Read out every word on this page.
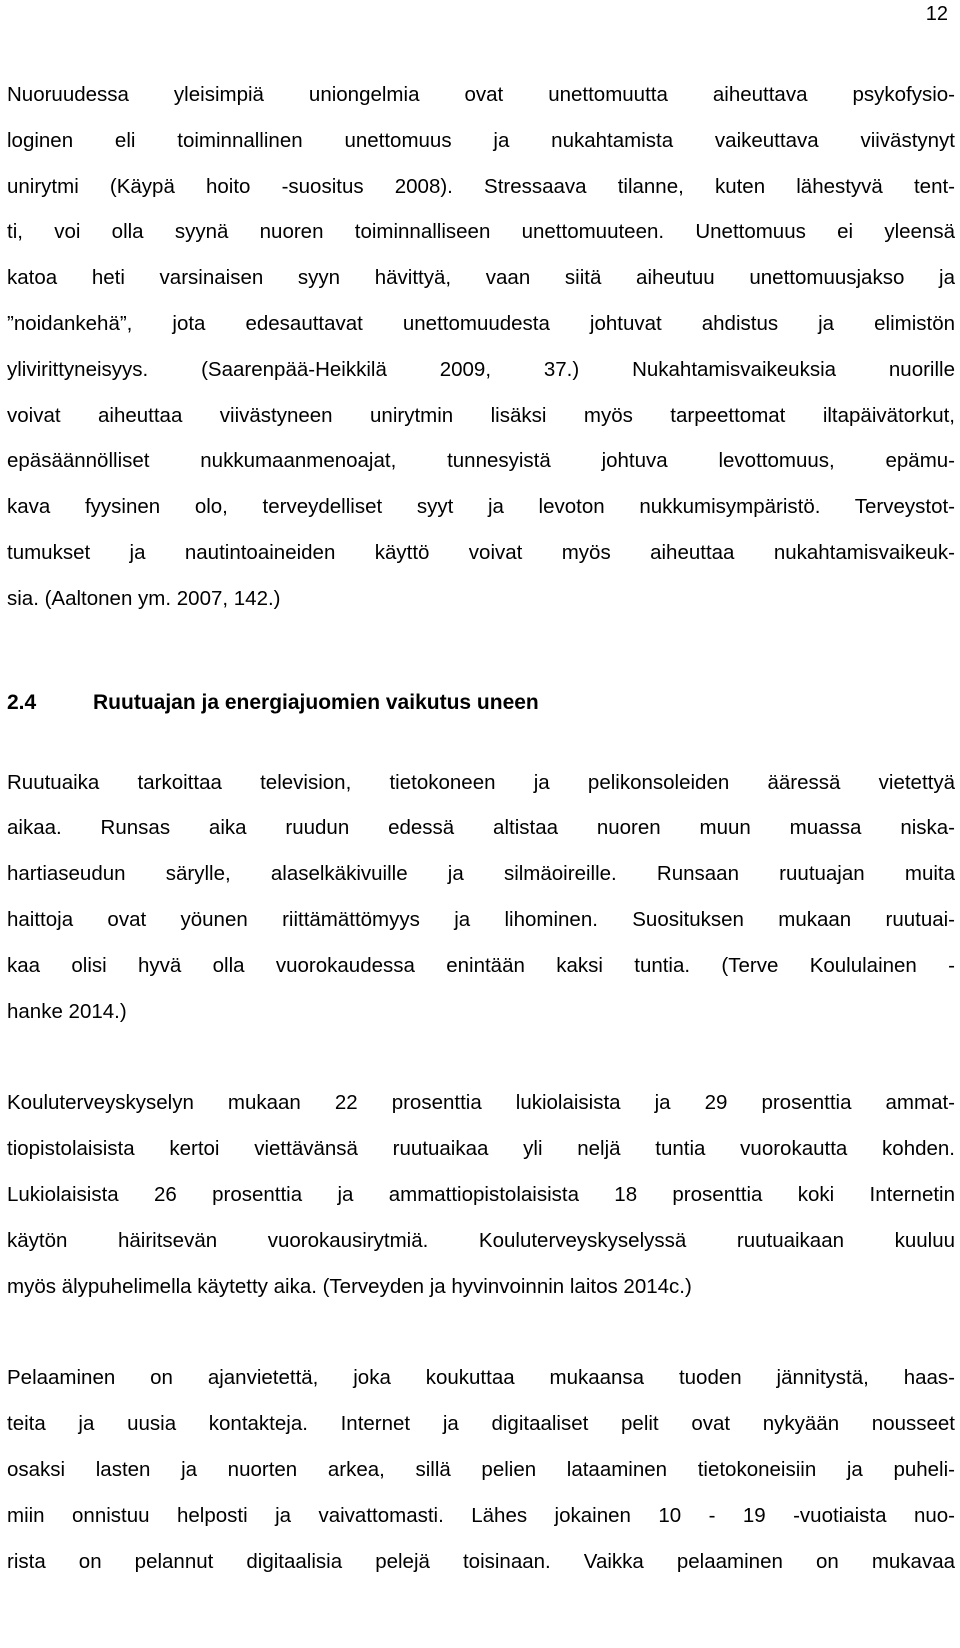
12
Nuoruudessa yleisimpiä uniongelmia ovat unettomuutta aiheuttava psykofysio-
loginen eli toiminnallinen unettomuus ja nukahtamista vaikeuttava viivästynyt
unirytmi (Käypä hoito -suositus 2008). Stressaava tilanne, kuten lähestyvä tent-
ti, voi olla syynä nuoren toiminnalliseen unettomuuteen. Unettomuus ei yleensä
katoa heti varsinaisen syyn hävittyä, vaan siitä aiheutuu unettomuusjakso ja
”noidankehä”, jota edesauttavat unettomuudesta johtuvat ahdistus ja elimistön
ylivirittyneisyys. (Saarenpää-Heikkilä 2009, 37.) Nukahtamisvaikeuksia nuorille
voivat aiheuttaa viivästyneen unirytmin lisäksi myös tarpeettomat iltapäivätorkut,
epäsäännölliset nukkumaanmenoajat, tunnesyistä johtuva levottomuus, epämu-
kava fyysinen olo, terveydelliset syyt ja levoton nukkumisympäristö. Terveystot-
tumukset ja nautintoaineiden käyttö voivat myös aiheuttaa nukahtamisvaikeuk-
sia. (Aaltonen ym. 2007, 142.)
2.4	Ruutuajan ja energiajuomien vaikutus uneen
Ruutuaika tarkoittaa television, tietokoneen ja pelikonsoleiden ääressä vietettyä
aikaa. Runsas aika ruudun edessä altistaa nuoren muun muassa niska-
hartiaseudun särylle, alaselkäkivuille ja silmäoireille. Runsaan ruutuajan muita
haittoja ovat yöunen riittämättömyys ja lihominen. Suosituksen mukaan ruutuai-
kaa olisi hyvä olla vuorokaudessa enintään kaksi tuntia. (Terve Koululainen -
hanke 2014.)
Kouluterveyskyselyn mukaan 22 prosenttia lukiolaisista ja 29 prosenttia ammat-
tiopistolaisista kertoi viettävänsä ruutuaikaa yli neljä tuntia vuorokautta kohden.
Lukiolaisista 26 prosenttia ja ammattiopistolaisista 18 prosenttia koki Internetin
käytön häiritsevän vuorokausirytmiä. Kouluterveyskyselyssä ruutuaikaan kuuluu
myös älypuhelimella käytetty aika. (Terveyden ja hyvinvoinnin laitos 2014c.)
Pelaaminen on ajanvietettä, joka koukuttaa mukaansa tuoden jännitystä, haas-
teita ja uusia kontakteja. Internet ja digitaaliset pelit ovat nykyään nousseet
osaksi lasten ja nuorten arkea, sillä pelien lataaminen tietokoneisiin ja puheli-
miin onnistuu helposti ja vaivattomasti. Lähes jokainen 10 - 19 -vuotiaista nuo-
rista on pelannut digitaalisia pelejä toisinaan. Vaikka pelaaminen on mukavaa
